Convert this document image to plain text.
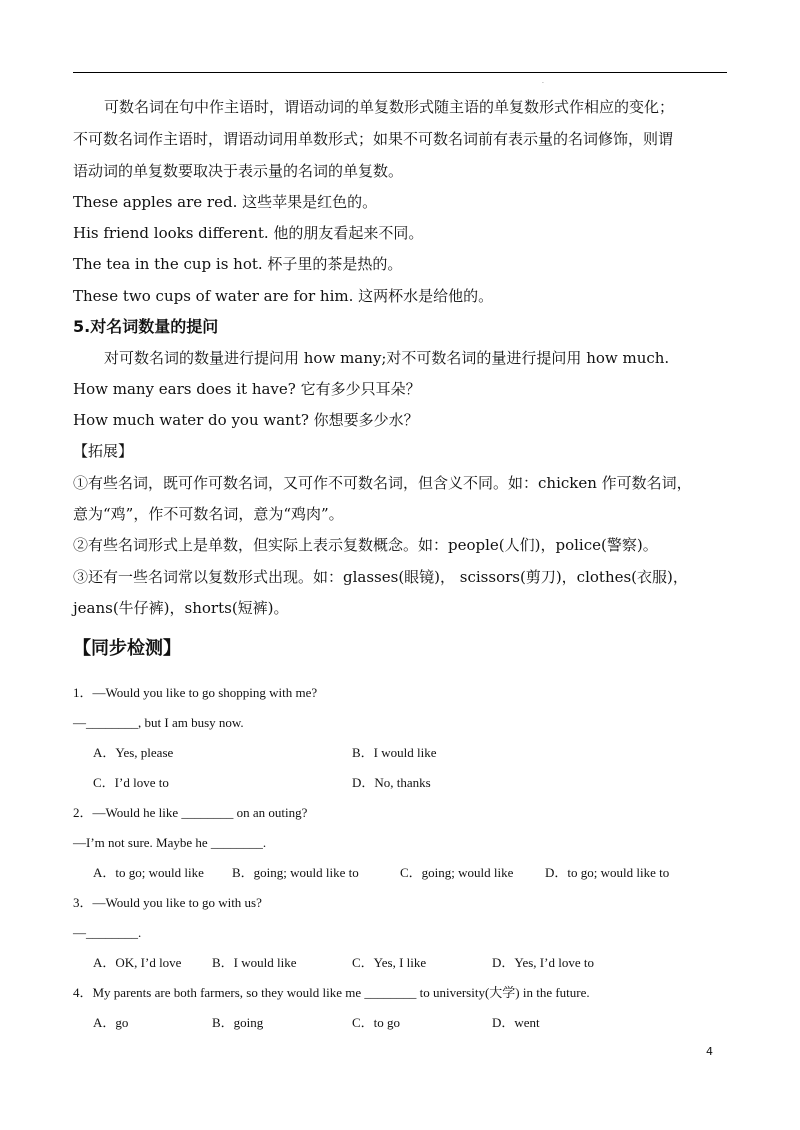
·
可数名词在句中作主语时，谓语动词的单复数形式随主语的单复数形式作相应的变化；
不可数名词作主语时，谓语动词用单数形式；如果不可数名词前有表示量的名词修饰，则谓
语动词的单复数要取决于表示量的名词的单复数。
These apples are red. 这些苹果是红色的。
His friend looks different. 他的朋友看起来不同。
The tea in the cup is hot. 杯子里的茶是热的。
These two cups of water are for him. 这两杯水是给他的。
5.对名词数量的提问
对可数名词的数量进行提问用 how many;对不可数名词的量进行提问用 how much.
How many ears does it have? 它有多少只耳朵？
How much water do you want? 你想要多少水？
【拓展】
①有些名词，既可作可数名词，又可作不可数名词，但含义不同。如：chicken 作可数名词，
意为“鸡”，作不可数名词，意为“鸡肉”。
②有些名词形式上是单数，但实际上表示复数概念。如：people(人们)，police(警察)。
③还有一些名词常以复数形式出现。如：glasses(眼镜)， scissors(剪刀)，clothes(衣服)，
jeans(牛仔裤)，shorts(短裤)。
【同步检测】
1．—Would you like to go shopping with me?
—________, but I am busy now.
A．Yes, please	B．I would like
C．I’d love to	D．No, thanks
2．—Would he like ________ on an outing?
—I’m not sure. Maybe he ________.
A．to go; would like B．going; would like to	C．going; would like D．to go; would like to
3．—Would you like to go with us?
—________.
A．OK, I’d love B．I would like	C．Yes, I like	D．Yes, I’d love to
4．My parents are both farmers, so they would like me ________ to university(大学) in the future.
A．go	B．going	C．to go	D．went
4
